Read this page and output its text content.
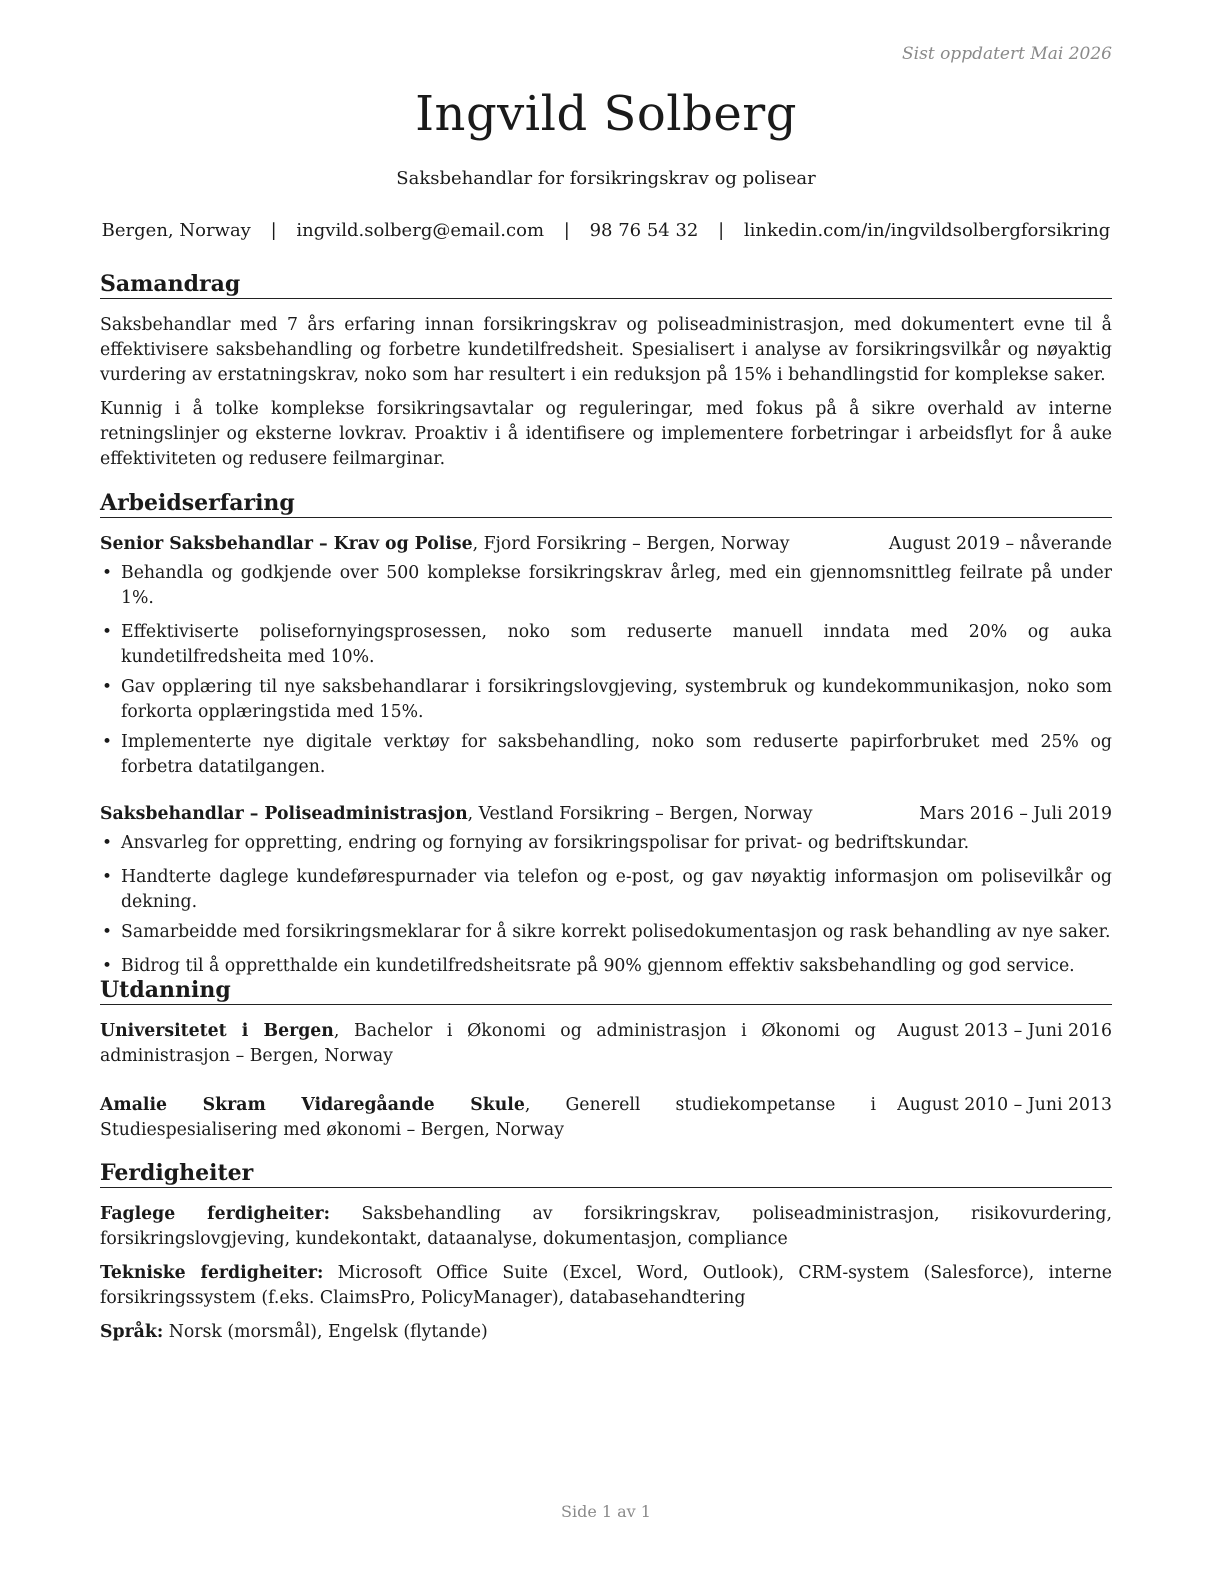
Sist oppdatert Mai 2026
Ingvild Solberg
Saksbehandlar for forsikringskrav og polisear
Bergen, Norway | ingvild.solberg@email.com | 98 76 54 32 | linkedin.com/in/ingvildsolbergforsikring
Samandrag

Saksbehandlar med 7 års erfaring innan forsikringskrav og poliseadministrasjon, med dokumentert evne til å effektivisere saksbehandling og forbetre kundetilfredsheit. Spesialisert i analyse av forsikringsvilkår og nøyaktig vurdering av erstatningskrav, noko som har resultert i ein reduksjon på 15% i behandlingstid for komplekse saker.

Kunnig i å tolke komplekse forsikringsavtalar og reguleringar, med fokus på å sikre overhald av interne retningslinjer og eksterne lovkrav. Proaktiv i å identifisere og implementere forbetringar i arbeidsflyt for å auke effektiviteten og redusere feilmarginar.

Arbeidserfaring
Senior Saksbehandlar – Krav og Polise, Fjord Forsikring – Bergen, Norway	August 2019 – nåverande
• Behandla og godkjende over 500 komplekse forsikringskrav årleg, med ein gjennomsnittleg feilrate på under 1%.
• Effektiviserte polisefornyingsprosessen, noko som reduserte manuell inndata med 20% og auka kundetilfredsheita med 10%.
• Gav opplæring til nye saksbehandlarar i forsikringslovgjeving, systembruk og kundekommunikasjon, noko som forkorta opplæringstida med 15%.
• Implementerte nye digitale verktøy for saksbehandling, noko som reduserte papirforbruket med 25% og forbetra datatilgangen.
Saksbehandlar – Poliseadministrasjon, Vestland Forsikring – Bergen, Norway	Mars 2016 – Juli 2019
• Ansvarleg for oppretting, endring og fornying av forsikringspolisar for privat- og bedriftskundar.
• Handterte daglege kundeførespurnader via telefon og e-post, og gav nøyaktig informasjon om polisevilkår og dekning.
• Samarbeidde med forsikringsmeklarar for å sikre korrekt polisedokumentasjon og rask behandling av nye saker.
• Bidrog til å oppretthalde ein kundetilfredsheitsrate på 90% gjennom effektiv saksbehandling og god service.
Utdanning
Universitetet i Bergen, Bachelor i Økonomi og administrasjon i Økonomi og administrasjon – Bergen, Norway
August 2013 – Juni 2016
Amalie Skram Vidaregåande Skule, Generell studiekompetanse i Studiespesialisering med økonomi – Bergen, Norway
August 2010 – Juni 2013
Ferdigheiter

Faglege ferdigheiter: Saksbehandling av forsikringskrav, poliseadministrasjon, risikovurdering, forsikringslovgjeving, kundekontakt, dataanalyse, dokumentasjon, compliance

Tekniske ferdigheiter: Microsoft Office Suite (Excel, Word, Outlook), CRM-system (Salesforce), interne forsikringssystem (f.eks. ClaimsPro, PolicyManager), databasehandtering

Språk: Norsk (morsmål), Engelsk (flytande)

Side 1 av 1
